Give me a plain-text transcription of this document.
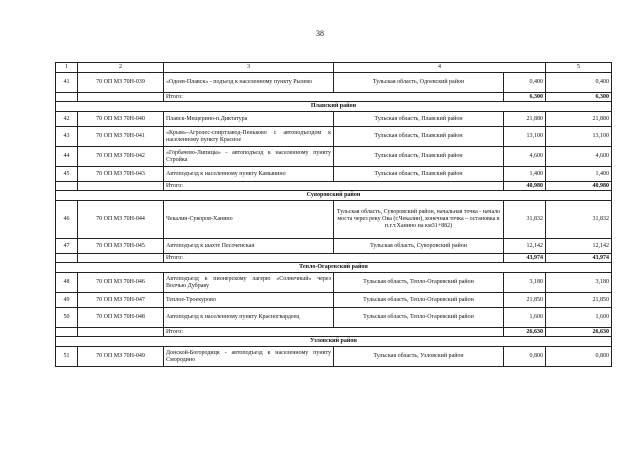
38
1	2	3	4		5
41	70 ОП МЗ 70Н-039	«Одоев-Плавск» - подъезд к населенному пункту Рылево	Тульская область, Одоевский район	0,400	0,400
		Итого:		6,300	6,300
Плавский район					
42	70 ОП МЗ 70Н-040	Плавск-Мещерино-п.Диктатура	Тульская область, Плавский район	21,880	21,880
43	70 ОП МЗ 70Н-041	«Крым»-Агролес-спиртзавод-Пеньково с автоподъездом к населенному пункту Красное	Тульская область, Плавский район	13,100	13,100
44	70 ОП МЗ 70Н-042	«Горбачево-Липицы» - автоподъезд к населенному пункту Стройка	Тульская область, Плавский район	4,600	4,600
45	70 ОП МЗ 70Н-043	Автоподъезд к населенному пункту Камынино	Тульская область, Плавский район	1,400	1,400
		Итого:		40,980	40,980
Суворовский район					
46	70 ОП МЗ 70Н-044	Чекалин-Суворов-Ханино	Тульская область, Суворовский район, начальная точка - начало моста через реку Ока (г.Чекалин), конечная точка – остановка в п.г.т.Ханино на км31+882)	31,832	31,832
47	70 ОП МЗ 70Н-045	Автоподъезд к шахте Песоченская	Тульская область, Суворовский район	12,142	12,142
		Итого:		43,974	43,974
Тепло-Огаревский район					
48	70 ОП МЗ 70Н-046	Автоподъезд к пионерскому лагерю «Солнечный» через Волчью Дубраву	Тульская область, Тепло-Огаревский район	3,180	3,180
49	70 ОП МЗ 70Н-047	Теплое-Троекурово	Тульская область, Тепло-Огаревский район	21,850	21,850
50	70 ОП МЗ 70Н-048	Автоподъезд к населенному пункту Красногвардеец	Тульская область, Тепло-Огаревский район	1,600	1,600
		Итого:		26,630	26,630
Узловский район					
51	70 ОП МЗ 70Н-049	Донской-Богородицк - автоподъезд к населенному пункту Смородино	Тульская область, Узловский район	0,800	0,800
